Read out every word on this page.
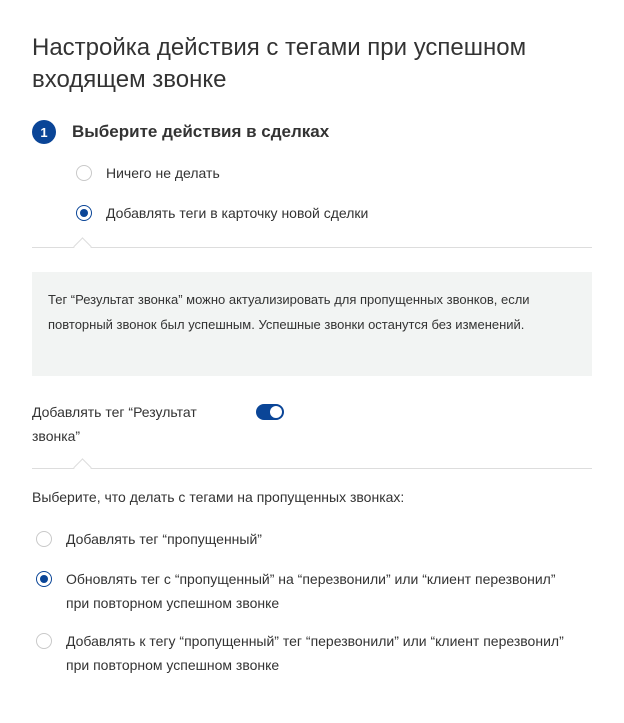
Настройка действия с тегами при успешном входящем звонке
1	Выберите действия в сделках
Ничего не делать
Добавлять теги в карточку новой сделки
Тег “Результат звонка” можно актуализировать для пропущенных звонков, если повторный звонок был успешным. Успешные звонки останутся без изменений.
Добавлять тег “Результат звонка”
Выберите, что делать с тегами на пропущенных звонках:
Добавлять тег “пропущенный”
Обновлять тег с “пропущенный” на “перезвонили” или “клиент перезвонил”
при повторном успешном звонке
Добавлять к тегу “пропущенный” тег “перезвонили” или “клиент перезвонил”
при повторном успешном звонке
